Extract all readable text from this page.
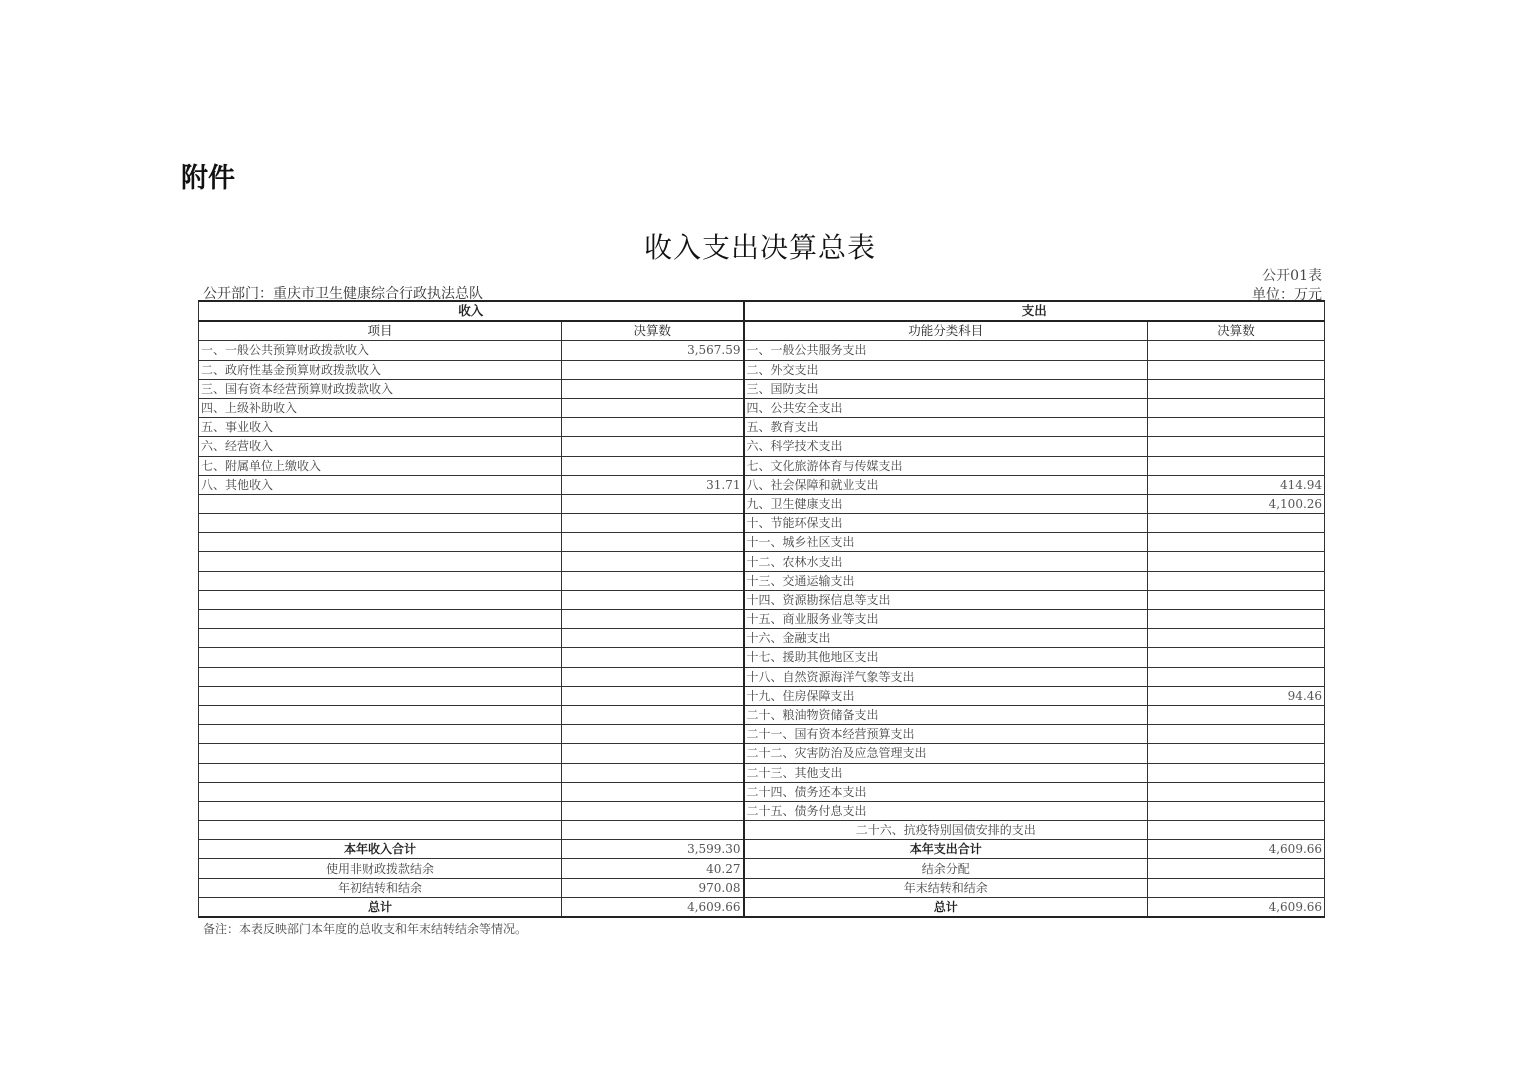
附件
收入支出决算总表
公开01表
公开部门：重庆市卫生健康综合行政执法总队	单位：万元
收入		支出	
项目	决算数	功能分类科目	决算数
一、一般公共预算财政拨款收入	3,567.59	一、一般公共服务支出	
二、政府性基金预算财政拨款收入		二、外交支出	
三、国有资本经营预算财政拨款收入		三、国防支出	
四、上级补助收入		四、公共安全支出	
五、事业收入		五、教育支出	
六、经营收入		六、科学技术支出	
七、附属单位上缴收入		七、文化旅游体育与传媒支出	
八、其他收入	31.71	八、社会保障和就业支出	414.94
		九、卫生健康支出	4,100.26
		十、节能环保支出	
		十一、城乡社区支出	
		十二、农林水支出	
		十三、交通运输支出	
		十四、资源勘探信息等支出	
		十五、商业服务业等支出	
		十六、金融支出	
		十七、援助其他地区支出	
		十八、自然资源海洋气象等支出	
		十九、住房保障支出	94.46
		二十、粮油物资储备支出	
		二十一、国有资本经营预算支出	
		二十二、灾害防治及应急管理支出	
		二十三、其他支出	
		二十四、债务还本支出	
		二十五、债务付息支出	
		二十六、抗疫特别国债安排的支出	
本年收入合计	3,599.30	本年支出合计	4,609.66
使用非财政拨款结余	40.27	结余分配	
年初结转和结余	970.08	年末结转和结余	
总计	4,609.66	总计	4,609.66
备注：本表反映部门本年度的总收支和年末结转结余等情况。
